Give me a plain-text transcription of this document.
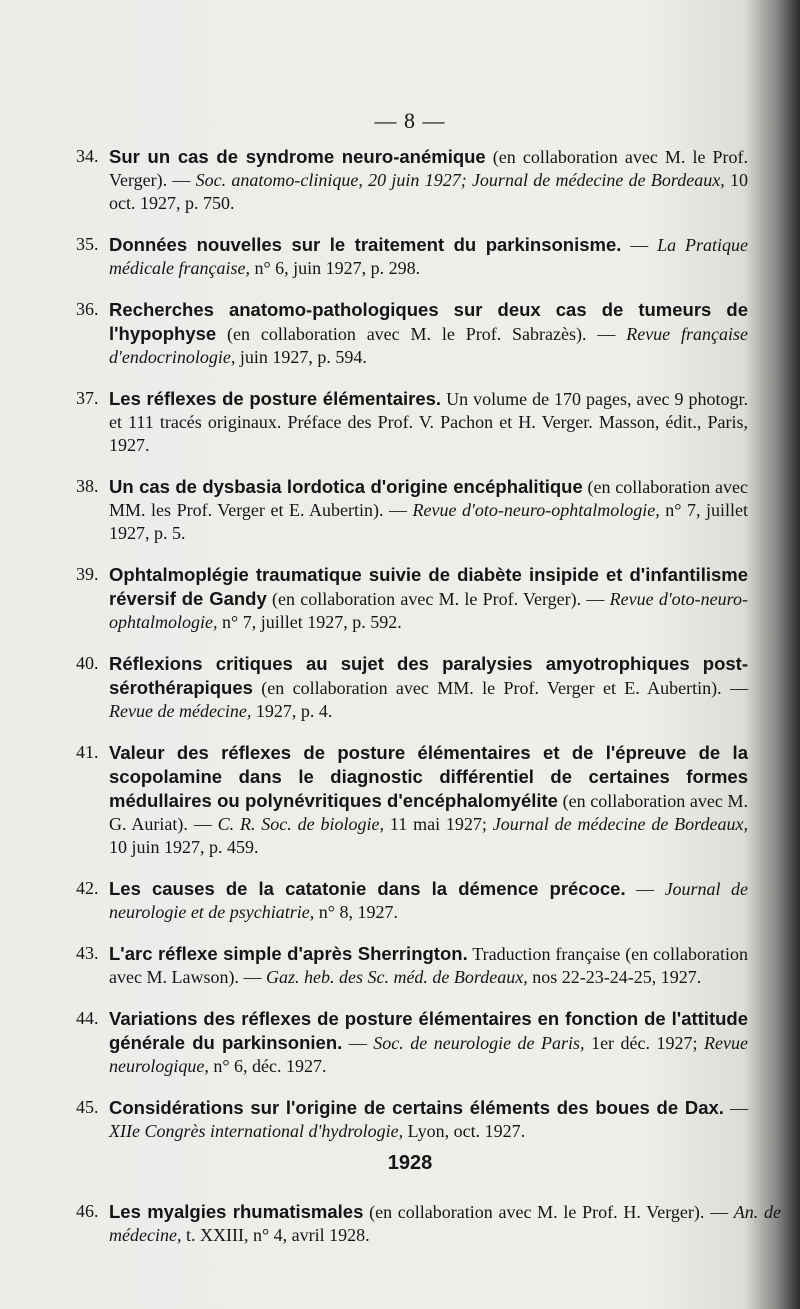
— 8 —
34. Sur un cas de syndrome neuro-anémique (en collaboration avec M. le Prof. Verger). — Soc. anatomo-clinique, 20 juin 1927; Journal de médecine de Bordeaux, 10 oct. 1927, p. 750.
35. Données nouvelles sur le traitement du parkinsonisme. — La Pratique médicale française, n° 6, juin 1927, p. 298.
36. Recherches anatomo-pathologiques sur deux cas de tumeurs de l'hypophyse (en collaboration avec M. le Prof. Sabrazès). — Revue française d'endocrinologie, juin 1927, p. 594.
37. Les réflexes de posture élémentaires. Un volume de 170 pages, avec 9 photogr. et 111 tracés originaux. Préface des Prof. V. Pachon et H. Verger. Masson, édit., Paris, 1927.
38. Un cas de dysbasia lordotica d'origine encéphalitique (en collaboration avec MM. les Prof. Verger et E. Aubertin). — Revue d'oto-neuro-ophtalmologie, n° 7, juillet 1927, p. 5.
39. Ophtalmoplégie traumatique suivie de diabète insipide et d'infantilisme réversif de Gandy (en collaboration avec M. le Prof. Verger). — Revue d'oto-neuro-ophtalmologie, n° 7, juillet 1927, p. 592.
40. Réflexions critiques au sujet des paralysies amyotrophiques post-sérothérapiques (en collaboration avec MM. le Prof. Verger et E. Aubertin). — Revue de médecine, 1927, p. 4.
41. Valeur des réflexes de posture élémentaires et de l'épreuve de la scopolamine dans le diagnostic différentiel de certaines formes médullaires ou polynévritiques d'encéphalomyélite (en collaboration avec M. G. Auriat). — C. R. Soc. de biologie, 11 mai 1927; Journal de médecine de Bordeaux, 10 juin 1927, p. 459.
42. Les causes de la catatonie dans la démence précoce. — Journal de neurologie et de psychiatrie, n° 8, 1927.
43. L'arc réflexe simple d'après Sherrington. Traduction française (en collaboration avec M. Lawson). — Gaz. heb. des Sc. méd. de Bordeaux, nos 22-23-24-25, 1927.
44. Variations des réflexes de posture élémentaires en fonction de l'attitude générale du parkinsonien. — Soc. de neurologie de Paris, 1er déc. 1927; Revue neurologique, n° 6, déc. 1927.
45. Considérations sur l'origine de certains éléments des boues de Dax. — XIIe Congrès international d'hydrologie, Lyon, oct. 1927.
1928
46. Les myalgies rhumatismales (en collaboration avec M. le Prof. H. Verger). — An. de médecine, t. XXIII, n° 4, avril 1928.
